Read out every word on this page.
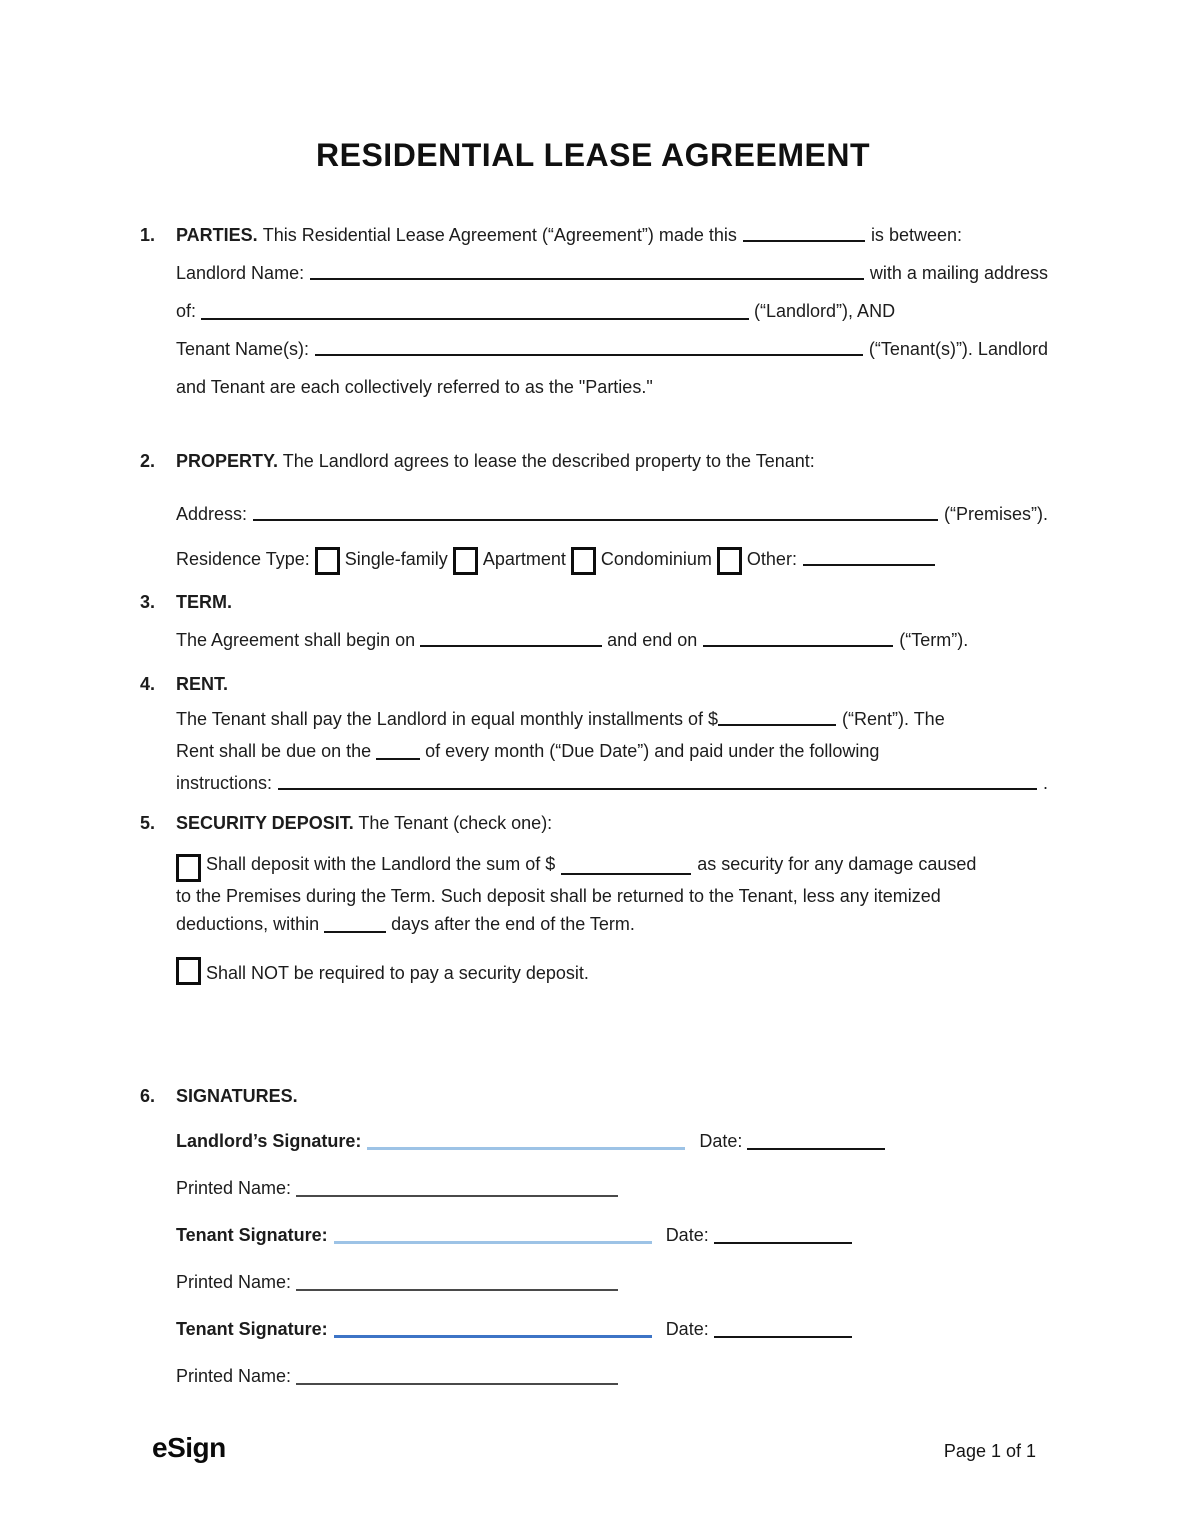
RESIDENTIAL LEASE AGREEMENT
1. PARTIES.
This Residential Lease Agreement (“Agreement”) made this	is between:
Landlord Name:	with a mailing address
of:	(“Landlord”), AND
Tenant Name(s):	(“Tenant(s)”). Landlord
and Tenant are each collectively referred to as the "Parties."
2. PROPERTY. The Landlord agrees to lease the described property to the Tenant:
Address:	(“Premises”).
Residence Type: Single-family Apartment Condominium Other:
3. TERM.
The Agreement shall begin on	and end on	(“Term”).
4. RENT.
The Tenant shall pay the Landlord in equal monthly installments of $	(“Rent”). The
Rent shall be due on the	of every month (“Due Date”) and paid under the following
instructions:	.
5. SECURITY DEPOSIT. The Tenant (check one):
Shall deposit with the Landlord the sum of $	as security for any damage caused
to the Premises during the Term. Such deposit shall be returned to the Tenant, less any itemized
deductions, within	days after the end of the Term.
Shall NOT be required to pay a security deposit.
6. SIGNATURES.
Landlord’s Signature:	Date:
Printed Name:
Tenant Signature:	Date:
Printed Name:
Tenant Signature:	Date:
Printed Name:
eSign	Page 1 of 1
